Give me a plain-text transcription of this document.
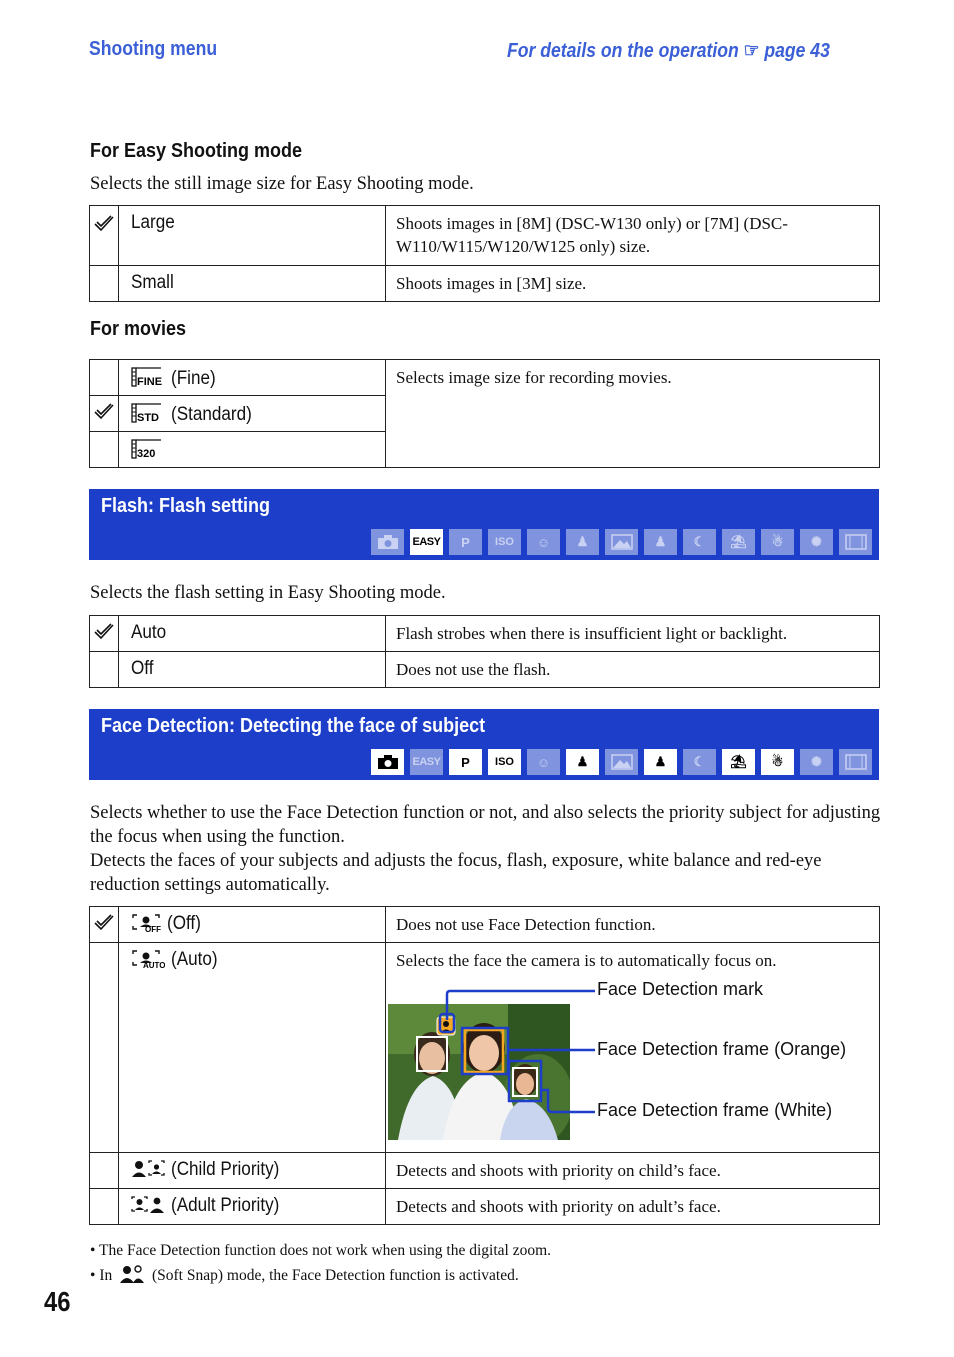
Shooting menu	For details on the operation ☞ page 43
For Easy Shooting mode
Selects the still image size for Easy Shooting mode.
	Large	Shoots images in [8M] (DSC-W130 only) or [7M] (DSC-W110/W115/W120/W125 only) size.
	Small	Shoots images in [3M] size.
For movies

FINE (Fine)	Selects image size for recording movies.

STD (Standard)	

320	
Flash: Flash setting
EASY	P	ISO	☺	♟	♟	☾	⛱	☃	✺
Selects the flash setting in Easy Shooting mode.
	Auto	Flash strobes when there is insufficient light or backlight.
	Off	Does not use the flash.
Face Detection: Detecting the face of subject
EASY	P	ISO	☺	♟	♟	☾	⛱	☃	✺
Selects whether to use the Face Detection function or not, and also selects the priority subject for adjusting the focus when using the function.
Detects the faces of your subjects and adjusts the focus, flash, exposure, white balance and red-eye reduction settings automatically.

OFF (Off)	Does not use Face Detection function.

AUTO (Auto)	Selects the face the camera is to automatically focus on.
	(Child Priority)	Detects and shoots with priority on child’s face.
	(Adult Priority)	Detects and shoots with priority on adult’s face.
Face Detection mark
Face Detection frame (Orange)
Face Detection frame (White)
• The Face Detection function does not work when using the digital zoom.
• In	(Soft Snap) mode, the Face Detection function is activated.
46
